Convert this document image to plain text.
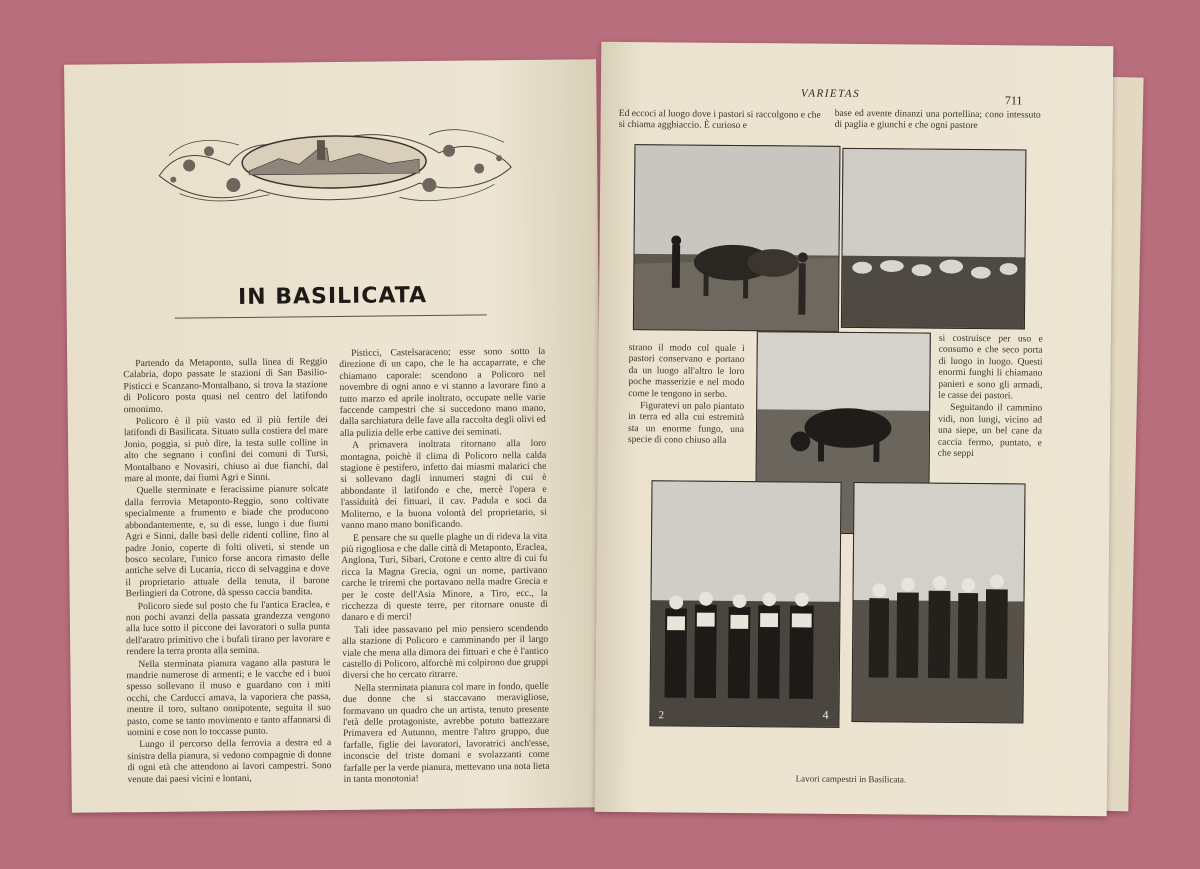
IN BASILICATA

Partendo da Metaponto, sulla linea di Reggio Calabria, dopo passate le stazioni di San Basilio-Pisticci e Scanzano-Montalbano, si trova la stazione di Policoro posta quasi nel centro del latifondo omonimo.

Policoro è il più vasto ed il più fertile dei latifondi di Basilicata. Situato sulla costiera del mare Jonio, poggia, si può dire, la testa sulle colline in alto che segnano i confini dei comuni di Tursi, Montalbano e Novasiri, chiuso ai due fianchi, dal mare al monte, dai fiumi Agri e Sinni.

Quelle sterminate e feracissime pianure solcate dalla ferrovia Metaponto-Reggio, sono coltivate specialmente a frumento e biade che producono abbondantemente, e, su di esse, lungo i due fiumi Agri e Sinni, dalle basi delle ridenti colline, fino al padre Jonio, coperte di folti oliveti, si stende un bosco secolare, l'unico forse ancora rimasto delle antiche selve di Lucania, ricco di selvaggina e dove il proprietario attuale della tenuta, il barone Berlingieri da Cotrone, dà spesso caccia bandita.

Policoro siede sul posto che fu l'antica Eraclea, e non pochi avanzi della passata grandezza vengono alla luce sotto il piccone dei lavoratori o sulla punta dell'aratro primitivo che i bufali tirano per lavorare e rendere la terra pronta alla semina.

Nella sterminata pianura vagano alla pastura le mandrie numerose di armenti; e le vacche ed i buoi spesso sollevano il muso e guardano con i miti occhi, che Carducci amava, la vaporiera che passa, mentre il toro, sultano onnipotente, seguita il suo pasto, come se tanto movimento e tanto affannarsi di uomini e cose non lo toccasse punto.

Lungo il percorso della ferrovia a destra ed a sinistra della pianura, si vedono compagnie di donne di ogni età che attendono ai lavori campestri. Sono venute dai paesi vicini e lontani,

Pisticci, Castelsaraceno; esse sono sotto la direzione di un capo, che le ha accaparrate, e che chiamano caporale: scendono a Policoro nel novembre di ogni anno e vi stanno a lavorare fino a tutto marzo ed aprile inoltrato, occupate nelle varie faccende campestri che si succedono mano mano, dalla sarchiatura delle fave alla raccolta degli olivi ed alla pulizia delle erbe cattive dei seminati.

A primavera inoltrata ritornano alla loro montagna, poichè il clima di Policoro nella calda stagione è pestifero, infetto dai miasmi malarici che si sollevano dagli innumeri stagni di cui è abbondante il latifondo e che, mercè l'opera e l'assiduità dei fittuari, il cav. Padula e soci da Moliterno, e la buona volontà del proprietario, si vanno mano mano bonificando.

E pensare che su quelle plaghe un dì rideva la vita più rigogliosa e che dalle città di Metaponto, Eraclea, Anglona, Turi, Sibari, Crotone e cento altre di cui fu ricca la Magna Grecia, ogni un nome, partivano carche le triremi che portavano nella madre Grecia e per le coste dell'Asia Minore, a Tiro, ecc., la ricchezza di queste terre, per ritornare onuste di danaro e di merci!

Tali idee passavano pel mio pensiero scendendo alla stazione di Policoro e camminando per il largo viale che mena alla dimora dei fittuari e che è l'antico castello di Policoro, alforchè mi colpirono due gruppi diversi che ho cercato ritrarre.

Nella sterminata pianura col mare in fondo, quelle due donne che si staccavano meravigliose, formavano un quadro che un artista, tenuto presente l'età delle protagoniste, avrebbe potuto battezzare Primavera ed Autunno, mentre l'altro gruppo, due farfalle, figlie dei lavoratori, lavoratrici anch'esse, inconscie del triste domani e svolazzanti come farfalle per la verde pianura, mettevano una nota lieta in tanta monotonia!

VARIETAS	711
Ed eccoci al luogo dove i pastori si raccolgono e che si chiama agghiaccio. È curioso e
base ed avente dinanzi una portellina; cono intessuto di paglia e giunchi e che ogni pastore
2	4

strano il modo col quale i pastori conservano e portano da un luogo all'altro le loro poche masserizie e nel modo come le tengono in serbo.

Figuratevi un palo piantato in terra ed alla cui estremità sta un enorme fungo, una specie di cono chiuso alla

si costruisce per uso e consumo e che seco porta di luogo in luogo. Questi enormi funghi li chiamano panieri e sono gli armadi, le casse dei pastori.

Seguitando il cammino vidi, non lungi, vicino ad una siepe, un bel cane da caccia fermo, puntato, e che seppi

Lavori campestri in Basilicata.
